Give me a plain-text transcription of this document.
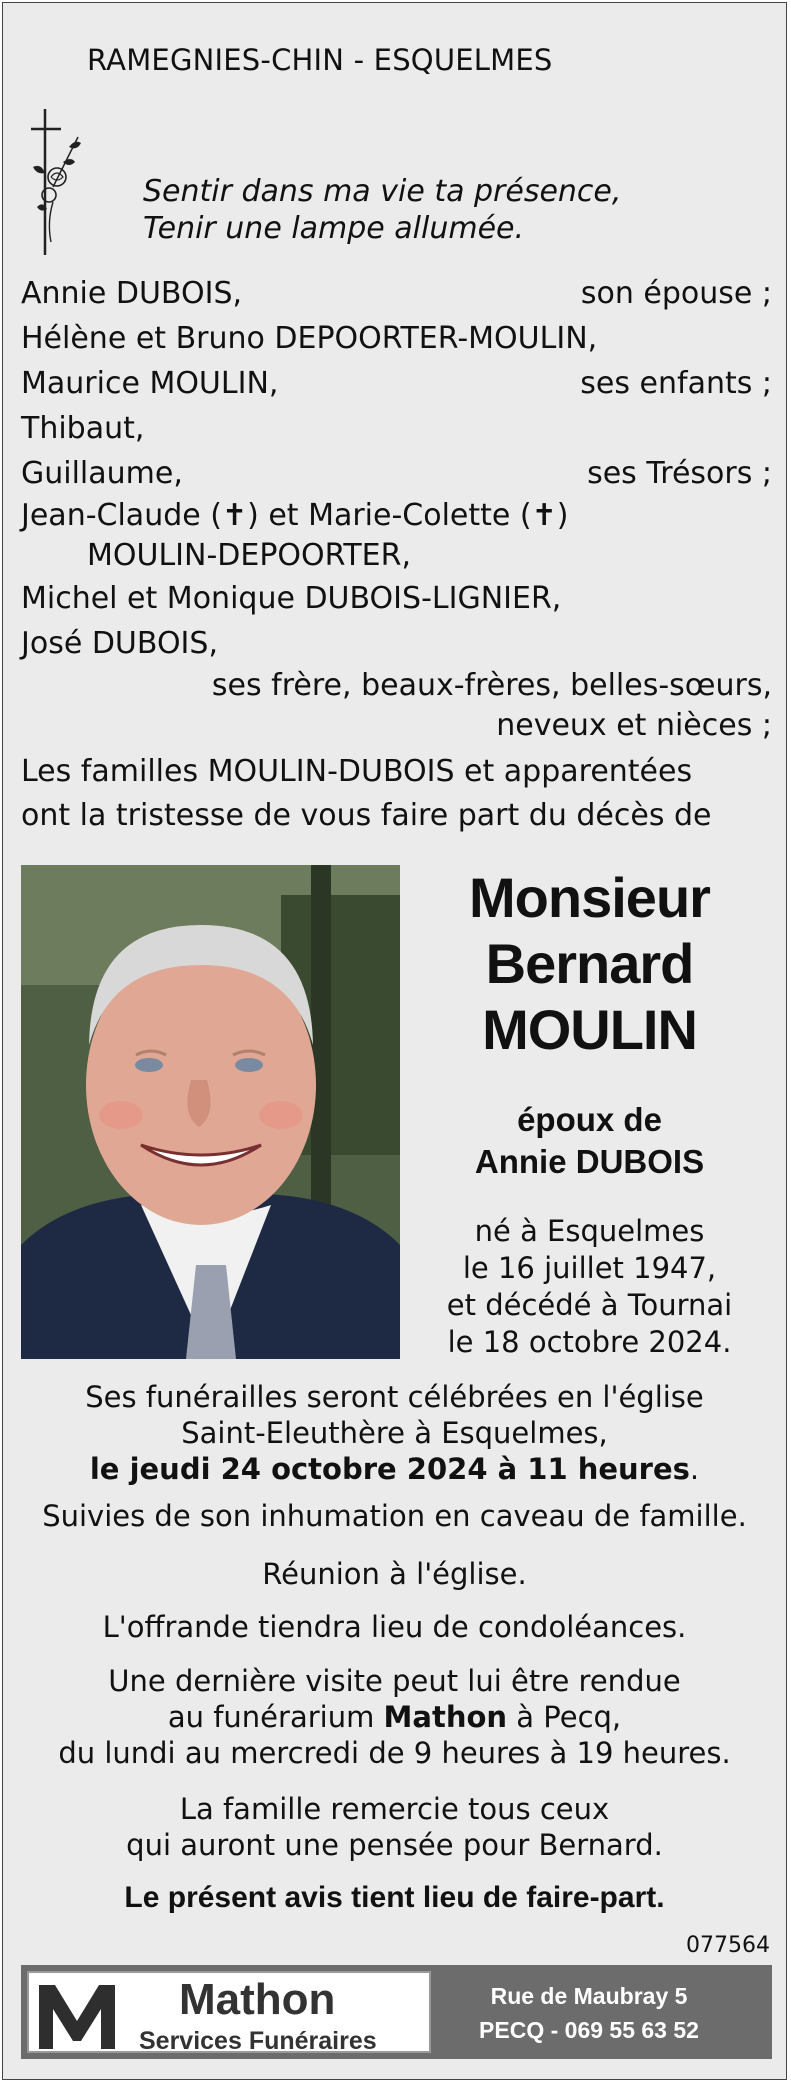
RAMEGNIES-CHIN - ESQUELMES
Sentir dans ma vie ta présence,
Tenir une lampe allumée.
Annie DUBOIS,	son épouse ;
Hélène et Bruno DEPOORTER-MOULIN,
Maurice MOULIN,	ses enfants ;
Thibaut,
Guillaume,	ses Trésors ;
Jean-Claude (✝) et Marie-Colette (✝)
MOULIN-DEPOORTER,
Michel et Monique DUBOIS-LIGNIER,
José DUBOIS,
ses frère, beaux-frères, belles-sœurs,
neveux et nièces ;
Les familles MOULIN-DUBOIS et apparentées
ont la tristesse de vous faire part du décès de
Monsieur
Bernard
MOULIN
époux de
Annie DUBOIS
né à Esquelmes
le 16 juillet 1947,
et décédé à Tournai
le 18 octobre 2024.
Ses funérailles seront célébrées en l'église
Saint-Eleuthère à Esquelmes,
le jeudi 24 octobre 2024 à 11 heures.
Suivies de son inhumation en caveau de famille.
Réunion à l'église.
L'offrande tiendra lieu de condoléances.
Une dernière visite peut lui être rendue
au funérarium Mathon à Pecq,
du lundi au mercredi de 9 heures à 19 heures.
La famille remercie tous ceux
qui auront une pensée pour Bernard.
Le présent avis tient lieu de faire-part.
077564
Mathon
Services Funéraires
Rue de Maubray 5
PECQ - 069 55 63 52
